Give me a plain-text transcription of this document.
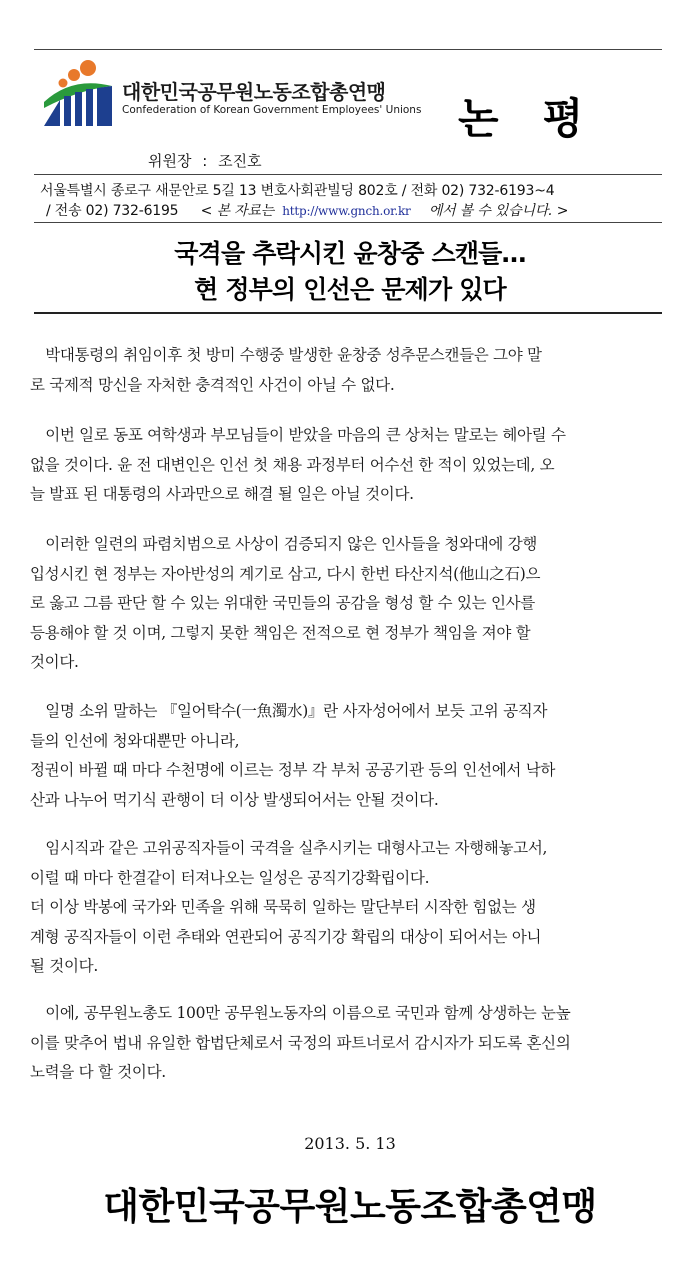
대한민국공무원노동조합총연맹
Confederation of Korean Government Employees' Unions 논평
위원장 : 조진호
서울특별시 종로구 새문안로 5길 13 변호사회관빌딩 802호 / 전화 02) 732-6193~4
/ 전송 02) 732-6195 < 본 자료는 http://www.gnch.or.kr 에서 볼 수 있습니다. >
국격을 추락시킨 윤창중 스캔들…
현 정부의 인선은 문제가 있다
　박대통령의 취임이후 첫 방미 수행중 발생한 윤창중 성추문스캔들은 그야 말
로 국제적 망신을 자처한 충격적인 사건이 아닐 수 없다.
　이번 일로 동포 여학생과 부모님들이 받았을 마음의 큰 상처는 말로는 헤아릴 수
없을 것이다. 윤 전 대변인은 인선 첫 채용 과정부터 어수선 한 적이 있었는데, 오
늘 발표 된 대통령의 사과만으로 해결 될 일은 아닐 것이다.
　이러한 일련의 파렴치범으로 사상이 검증되지 않은 인사들을 청와대에 강행
입성시킨 현 정부는 자아반성의 계기로 삼고, 다시 한번 타산지석(他山之石)으
로 옳고 그름 판단 할 수 있는 위대한 국민들의 공감을 형성 할 수 있는 인사를
등용해야 할 것 이며, 그렇지 못한 책임은 전적으로 현 정부가 책임을 져야 할
것이다.
　일명 소위 말하는 『일어탁수(一魚濁水)』란 사자성어에서 보듯 고위 공직자
들의 인선에 청와대뿐만 아니라,
정권이 바뀔 때 마다 수천명에 이르는 정부 각 부처 공공기관 등의 인선에서 낙하
산과 나누어 먹기식 관행이 더 이상 발생되어서는 안될 것이다.
　임시직과 같은 고위공직자들이 국격을 실추시키는 대형사고는 자행해놓고서,
이럴 때 마다 한결같이 터져나오는 일성은 공직기강확립이다.
더 이상 박봉에 국가와 민족을 위해 묵묵히 일하는 말단부터 시작한 힘없는 생
계형 공직자들이 이런 추태와 연관되어 공직기강 확립의 대상이 되어서는 아니
될 것이다.
　이에, 공무원노총도 100만 공무원노동자의 이름으로 국민과 함께 상생하는 눈높
이를 맞추어 법내 유일한 합법단체로서 국정의 파트너로서 감시자가 되도록 혼신의
노력을 다 할 것이다.
2013. 5. 13
대한민국공무원노동조합총연맹
